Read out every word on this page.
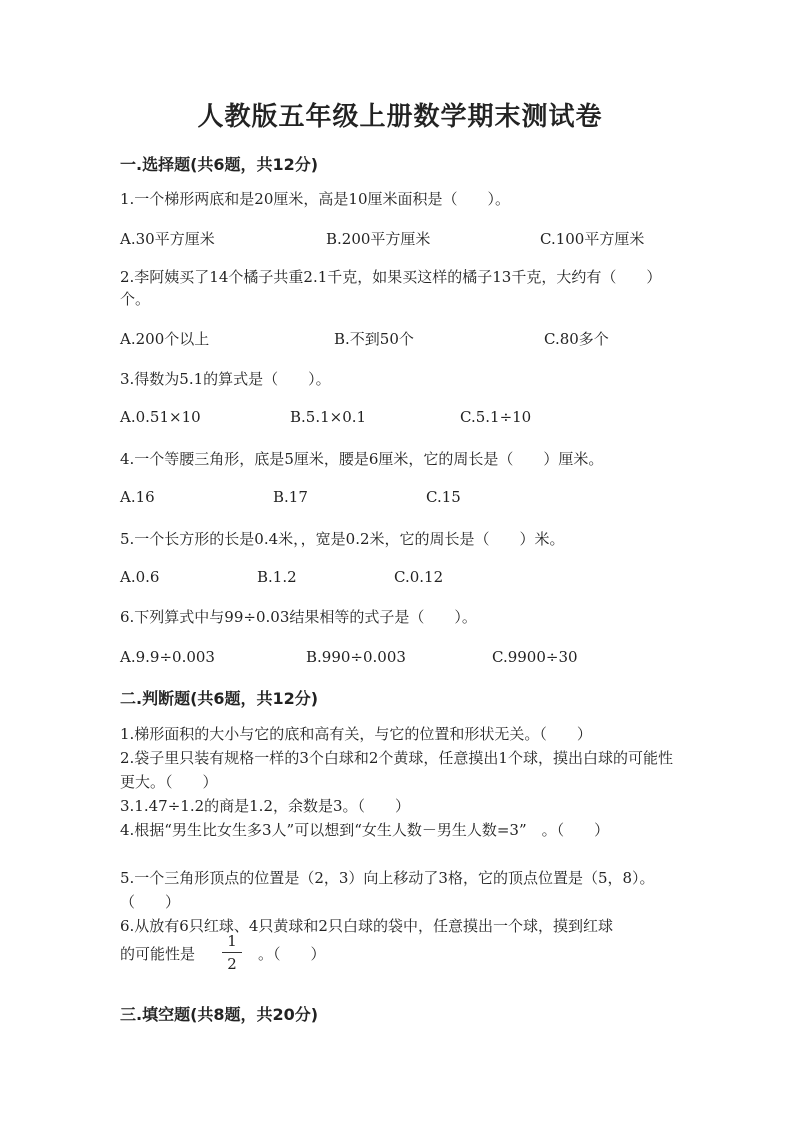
人教版五年级上册数学期末测试卷
一.选择题(共6题，共12分)
1.一个梯形两底和是20厘米，高是10厘米面积是（　　）。
A.30平方厘米	B.200平方厘米	C.100平方厘米
2.李阿姨买了14个橘子共重2.1千克，如果买这样的橘子13千克，大约有（　　）个。
A.200个以上	B.不到50个	C.80多个
3.得数为5.1的算式是（　　）。
A.0.51×10	B.5.1×0.1	C.5.1÷10
4.一个等腰三角形，底是5厘米，腰是6厘米，它的周长是（　　）厘米。
A.16	B.17	C.15
5.一个长方形的长是0.4米，，宽是0.2米，它的周长是（　　）米。
A.0.6	B.1.2	C.0.12
6.下列算式中与99÷0.03结果相等的式子是（　　）。
A.9.9÷0.003	B.990÷0.003	C.9900÷30
二.判断题(共6题，共12分)
1.梯形面积的大小与它的底和高有关，与它的位置和形状无关。（　　）
2.袋子里只装有规格一样的3个白球和2个黄球，任意摸出1个球，摸出白球的可能性更大。（　　）
3.1.47÷1.2的商是1.2，余数是3。（　　）
4.根据“男生比女生多3人”可以想到“女生人数－男生人数=3”　。（　　）
5.一个三角形顶点的位置是（2，3）向上移动了3格，它的顶点位置是（5，8）。（　　）
6.从放有6只红球、4只黄球和2只白球的袋中，任意摸出一个球，摸到红球
的可能性是
1
2
。（　　）
三.填空题(共8题，共20分)
